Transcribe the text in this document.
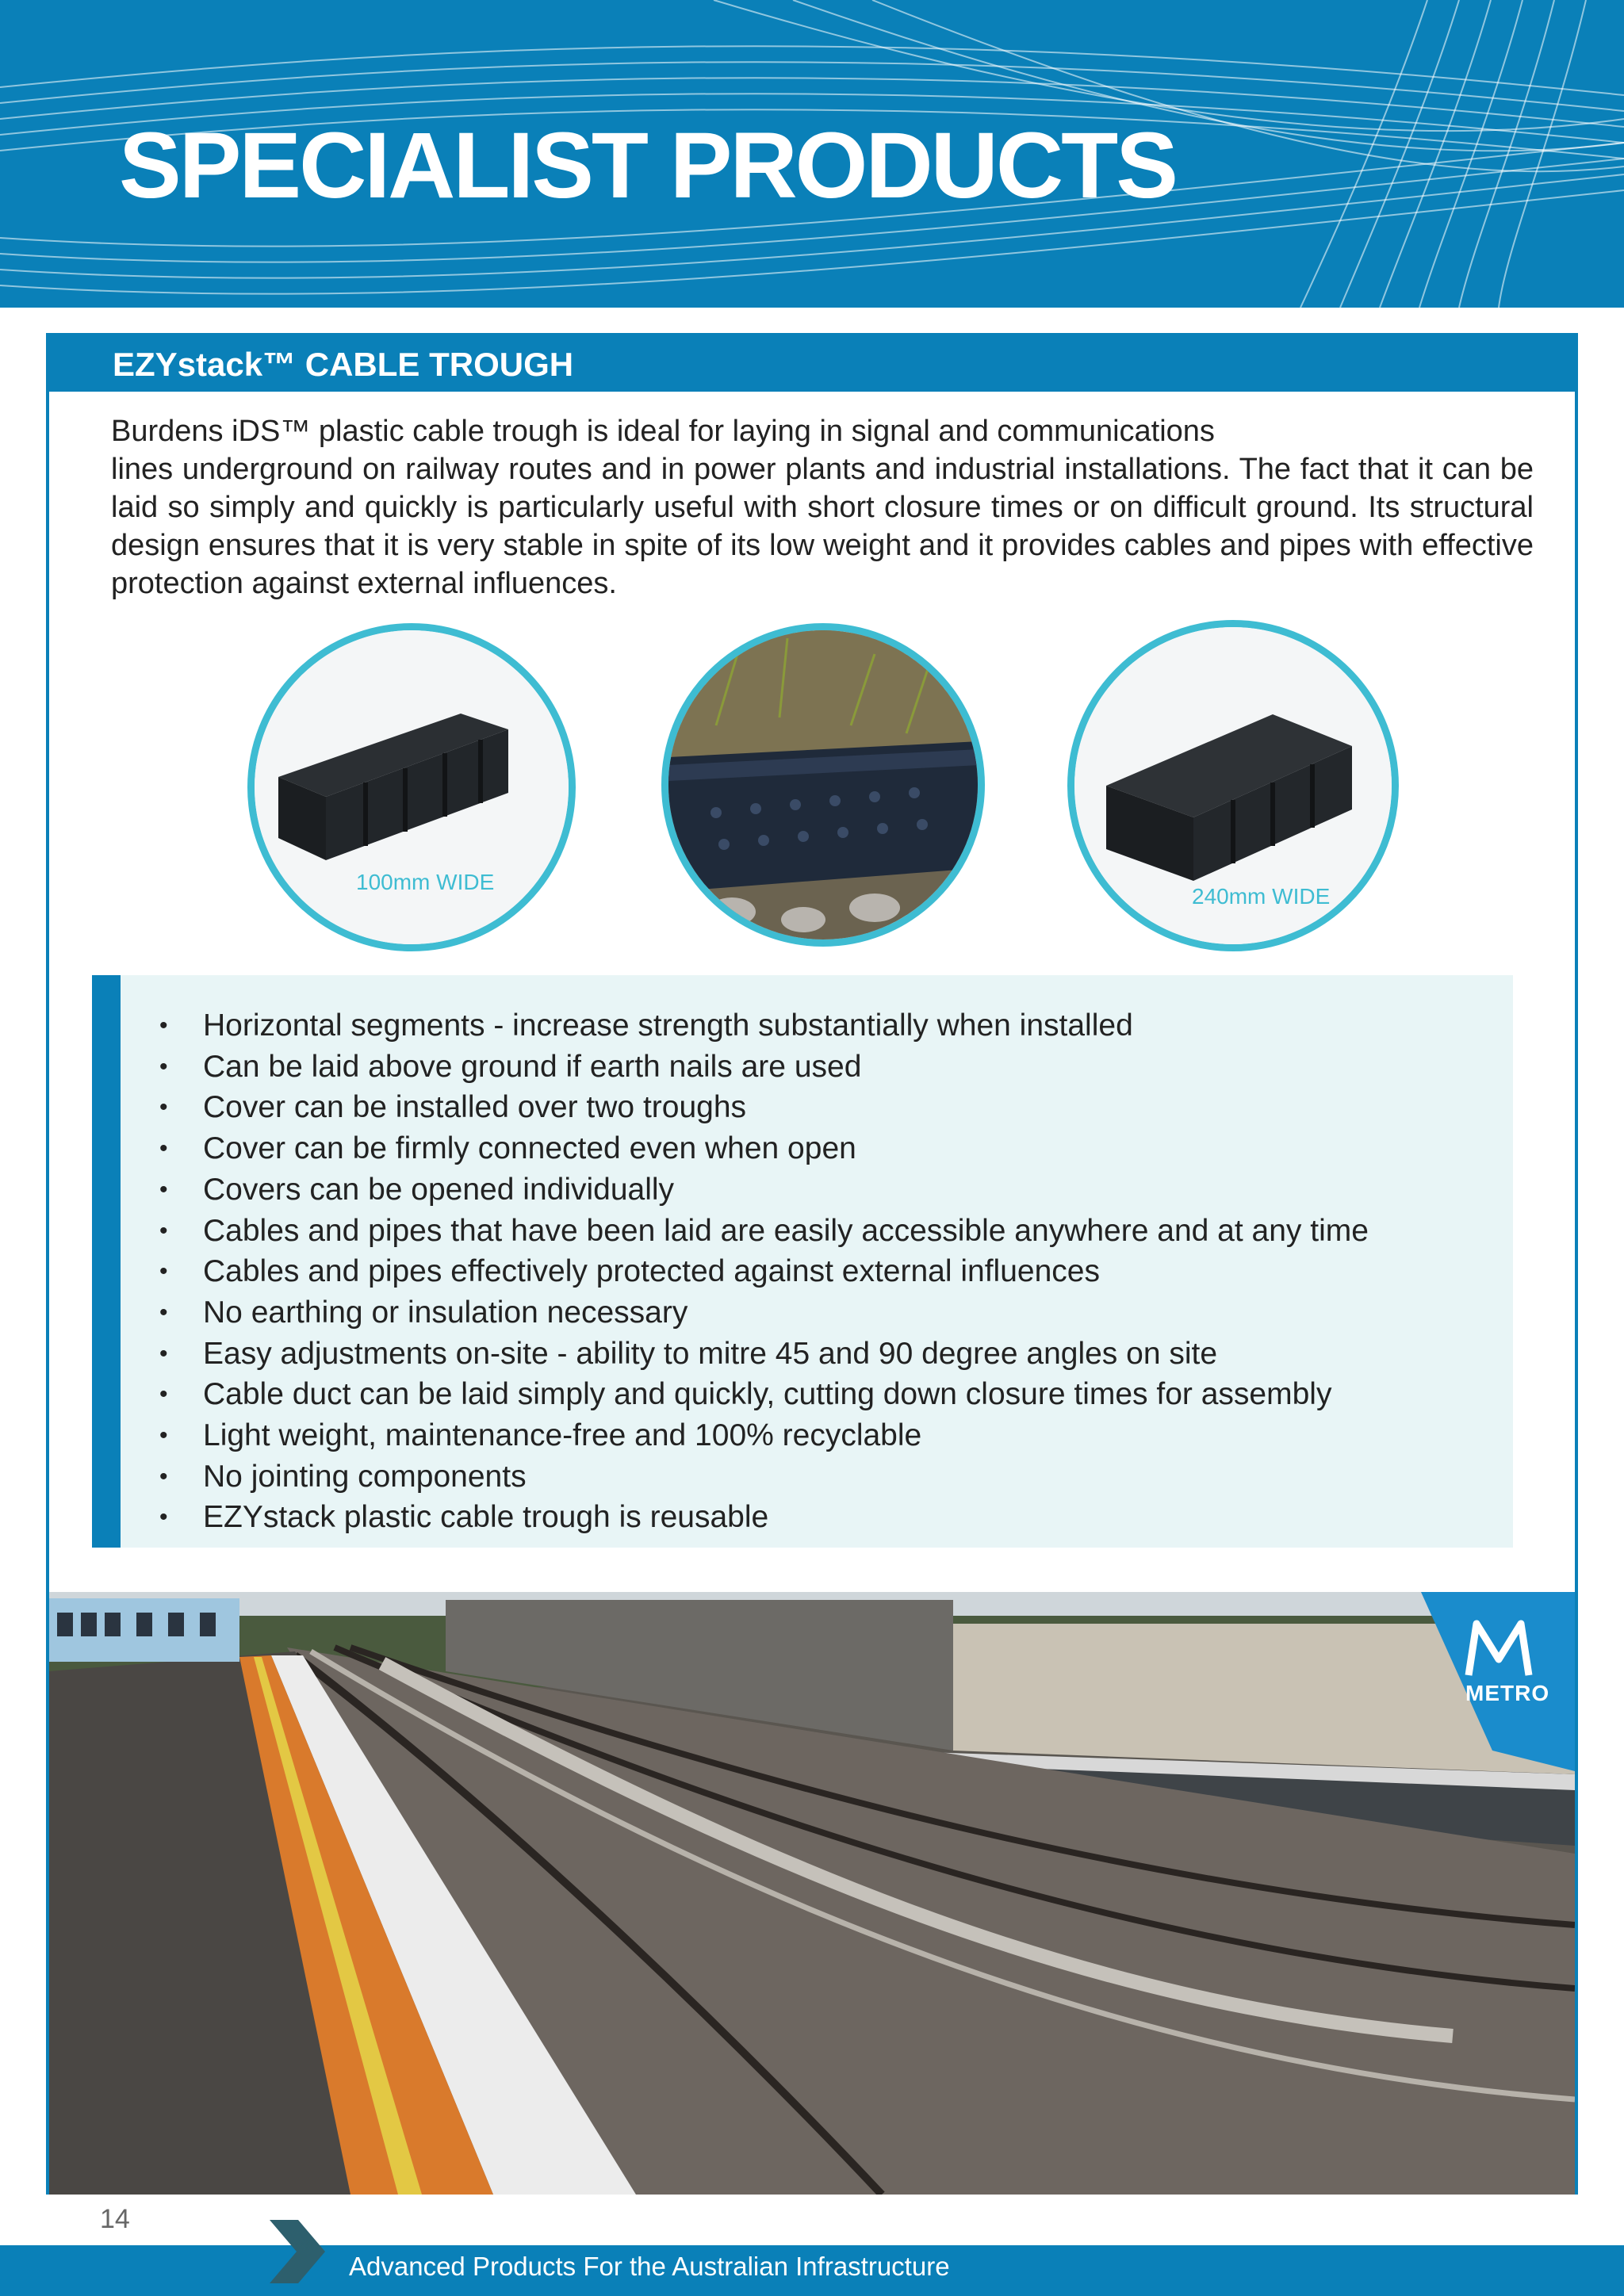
SPECIALIST PRODUCTS
EZYstack™ CABLE TROUGH

Burdens iDS™ plastic cable trough is ideal for laying in signal and communications
lines underground on railway routes and in power plants and industrial installations. The fact that it can be laid so simply and quickly is particularly useful with short closure times or on difficult ground. Its structural design ensures that it is very stable in spite of its low weight and it provides cables and pipes with effective protection against external influences.

100mm WIDE
240mm WIDE
• Horizontal segments - increase strength substantially when installed
• Can be laid above ground if earth nails are used
• Cover can be installed over two troughs
• Cover can be firmly connected even when open
• Covers can be opened individually
• Cables and pipes that have been laid are easily accessible anywhere and at any time
• Cables and pipes effectively protected against external influences
• No earthing or insulation necessary
• Easy adjustments on-site - ability to mitre 45 and 90 degree angles on site
• Cable duct can be laid simply and quickly, cutting down closure times for assembly
• Light weight, maintenance-free and 100% recyclable
• No jointing components
• EZYstack plastic cable trough is reusable
METRO
14
Advanced Products For the Australian Infrastructure
